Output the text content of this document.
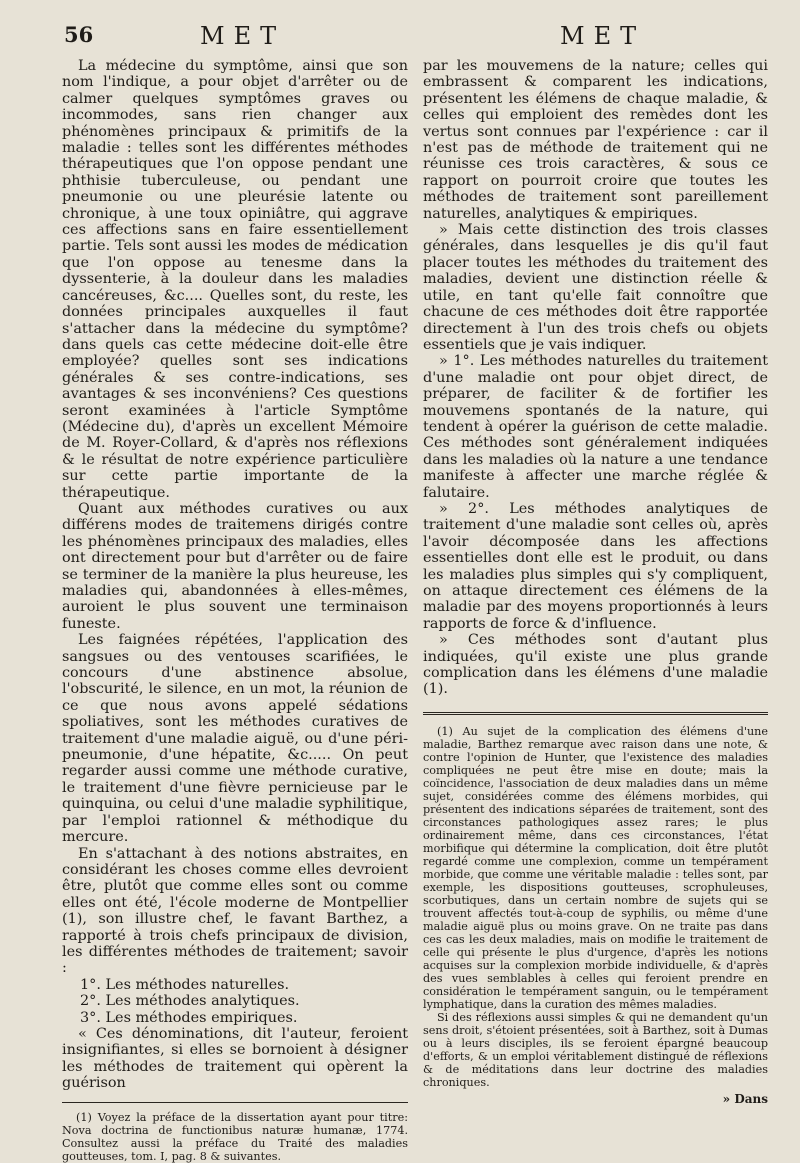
56	MET	MET

La médecine du symptôme, ainsi que son nom l'indique, a pour objet d'arrêter ou de calmer quelques symptômes graves ou incommodes, sans rien changer aux phénomènes principaux & primitifs de la maladie : telles sont les différentes méthodes thérapeutiques que l'on oppose pendant une phthisie tuberculeuse, ou pendant une pneumonie ou une pleurésie latente ou chronique, à une toux opiniâtre, qui aggrave ces affections sans en faire essentiellement partie. Tels sont aussi les modes de médication que l'on oppose au tenesme dans la dyssenterie, à la douleur dans les maladies cancéreuses, &c.... Quelles sont, du reste, les données principales auxquelles il faut s'attacher dans la médecine du symptôme? dans quels cas cette médecine doit-elle être employée? quelles sont ses indications générales & ses contre-indications, ses avantages & ses inconvéniens? Ces questions seront examinées à l'article Symptôme (Médecine du), d'après un excellent Mémoire de M. Royer-Collard, & d'après nos réflexions & le résultat de notre expérience particulière sur cette partie importante de la thérapeutique.

Quant aux méthodes curatives ou aux différens modes de traitemens dirigés contre les phénomènes principaux des maladies, elles ont directement pour but d'arrêter ou de faire se terminer de la manière la plus heureuse, les maladies qui, abandonnées à elles-mêmes, auroient le plus souvent une terminaison funeste.

Les faignées répétées, l'application des sangsues ou des ventouses scarifiées, le concours d'une abstinence absolue, l'obscurité, le silence, en un mot, la réunion de ce que nous avons appelé sédations spoliatives, sont les méthodes curatives de traitement d'une maladie aiguë, ou d'une péri-pneumonie, d'une hépatite, &c..... On peut regarder aussi comme une méthode curative, le traitement d'une fièvre pernicieuse par le quinquina, ou celui d'une maladie syphilitique, par l'emploi rationnel & méthodique du mercure.

En s'attachant à des notions abstraites, en considérant les choses comme elles devroient être, plutôt que comme elles sont ou comme elles ont été, l'école moderne de Montpellier (1), son illustre chef, le favant Barthez, a rapporté à trois chefs principaux de division, les différentes méthodes de traitement; savoir :

1°. Les méthodes naturelles.

2°. Les méthodes analytiques.

3°. Les méthodes empiriques.

« Ces dénominations, dit l'auteur, feroient insignifiantes, si elles se bornoient à désigner les méthodes de traitement qui opèrent la guérison

(1) Voyez la préface de la dissertation ayant pour titre: Nova doctrina de functionibus naturæ humanæ, 1774. Consultez aussi la préface du Traité des maladies goutteuses, tom. I, pag. 8 & suivantes.

par les mouvemens de la nature; celles qui embrassent & comparent les indications, présentent les élémens de chaque maladie, & celles qui emploient des remèdes dont les vertus sont connues par l'expérience : car il n'est pas de méthode de traitement qui ne réunisse ces trois caractères, & sous ce rapport on pourroit croire que toutes les méthodes de traitement sont pareillement naturelles, analytiques & empiriques.

» Mais cette distinction des trois classes générales, dans lesquelles je dis qu'il faut placer toutes les méthodes du traitement des maladies, devient une distinction réelle & utile, en tant qu'elle fait connoître que chacune de ces méthodes doit être rapportée directement à l'un des trois chefs ou objets essentiels que je vais indiquer.

» 1°. Les méthodes naturelles du traitement d'une maladie ont pour objet direct, de préparer, de faciliter & de fortifier les mouvemens spontanés de la nature, qui tendent à opérer la guérison de cette maladie. Ces méthodes sont généralement indiquées dans les maladies où la nature a une tendance manifeste à affecter une marche réglée & falutaire.

» 2°. Les méthodes analytiques de traitement d'une maladie sont celles où, après l'avoir décomposée dans les affections essentielles dont elle est le produit, ou dans les maladies plus simples qui s'y compliquent, on attaque directement ces élémens de la maladie par des moyens proportionnés à leurs rapports de force & d'influence.

» Ces méthodes sont d'autant plus indiquées, qu'il existe une plus grande complication dans les élémens d'une maladie (1).

(1) Au sujet de la complication des élémens d'une maladie, Barthez remarque avec raison dans une note, & contre l'opinion de Hunter, que l'existence des maladies compliquées ne peut être mise en doute; mais la coïncidence, l'association de deux maladies dans un même sujet, considérées comme des élémens morbides, qui présentent des indications séparées de traitement, sont des circonstances pathologiques assez rares; le plus ordinairement même, dans ces circonstances, l'état morbifique qui détermine la complication, doit être plutôt regardé comme une complexion, comme un tempérament morbide, que comme une véritable maladie : telles sont, par exemple, les dispositions goutteuses, scrophuleuses, scorbutiques, dans un certain nombre de sujets qui se trouvent affectés tout-à-coup de syphilis, ou même d'une maladie aiguë plus ou moins grave. On ne traite pas dans ces cas les deux maladies, mais on modifie le traitement de celle qui présente le plus d'urgence, d'après les notions acquises sur la complexion morbide individuelle, & d'après des vues semblables à celles qui feroient prendre en considération le tempérament sanguin, ou le tempérament lymphatique, dans la curation des mêmes maladies.

Si des réflexions aussi simples & qui ne demandent qu'un sens droit, s'étoient présentées, soit à Barthez, soit à Dumas ou à leurs disciples, ils se feroient épargné beaucoup d'efforts, & un emploi véritablement distingué de réflexions & de méditations dans leur doctrine des maladies chroniques.

» Dans
